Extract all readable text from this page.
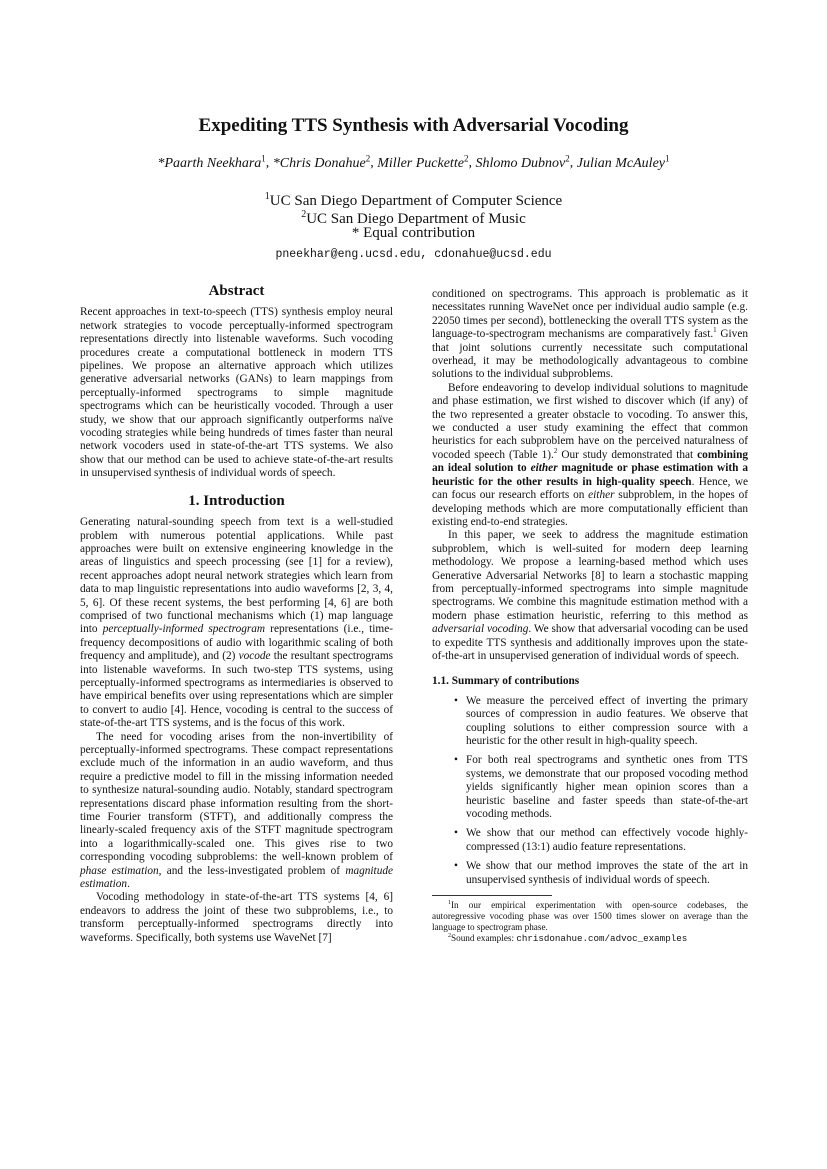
Expediting TTS Synthesis with Adversarial Vocoding
*Paarth Neekhara$^1$, *Chris Donahue$^2$, Miller Puckette$^2$, Shlomo Dubnov$^2$, Julian McAuley$^1$
$^1$UC San Diego Department of Computer Science
$^2$UC San Diego Department of Music
* Equal contribution
pneekhar@eng.ucsd.edu, cdonahue@ucsd.edu
Abstract

Recent approaches in text-to-speech (TTS) synthesis employ neural network strategies to vocode perceptually-informed spectrogram representations directly into listenable waveforms. Such vocoding procedures create a computational bottleneck in modern TTS pipelines. We propose an alternative approach which utilizes generative adversarial networks (GANs) to learn mappings from perceptually-informed spectrograms to simple magnitude spectrograms which can be heuristically vocoded. Through a user study, we show that our approach significantly outperforms naïve vocoding strategies while being hundreds of times faster than neural network vocoders used in state-of-the-art TTS systems. We also show that our method can be used to achieve state-of-the-art results in unsupervised synthesis of individual words of speech.

1. Introduction

Generating natural-sounding speech from text is a well-studied problem with numerous potential applications. While past approaches were built on extensive engineering knowledge in the areas of linguistics and speech processing (see [1] for a review), recent approaches adopt neural network strategies which learn from data to map linguistic representations into audio waveforms [2, 3, 4, 5, 6]. Of these recent systems, the best performing [4, 6] are both comprised of two functional mechanisms which (1) map language into perceptually-informed spectrogram representations (i.e., time-frequency decompositions of audio with logarithmic scaling of both frequency and amplitude), and (2) vocode the resultant spectrograms into listenable waveforms. In such two-step TTS systems, using perceptually-informed spectrograms as intermediaries is observed to have empirical benefits over using representations which are simpler to convert to audio [4]. Hence, vocoding is central to the success of state-of-the-art TTS systems, and is the focus of this work.

The need for vocoding arises from the non-invertibility of perceptually-informed spectrograms. These compact representations exclude much of the information in an audio waveform, and thus require a predictive model to fill in the missing information needed to synthesize natural-sounding audio. Notably, standard spectrogram representations discard phase information resulting from the short-time Fourier transform (STFT), and additionally compress the linearly-scaled frequency axis of the STFT magnitude spectrogram into a logarithmically-scaled one. This gives rise to two corresponding vocoding subproblems: the well-known problem of phase estimation, and the less-investigated problem of magnitude estimation.

Vocoding methodology in state-of-the-art TTS systems [4, 6] endeavors to address the joint of these two subproblems, i.e., to transform perceptually-informed spectrograms directly into waveforms. Specifically, both systems use WaveNet [7]

conditioned on spectrograms. This approach is problematic as it necessitates running WaveNet once per individual audio sample (e.g. 22050 times per second), bottlenecking the overall TTS system as the language-to-spectrogram mechanisms are comparatively fast.$^1$ Given that joint solutions currently necessitate such computational overhead, it may be methodologically advantageous to combine solutions to the individual subproblems.

Before endeavoring to develop individual solutions to magnitude and phase estimation, we first wished to discover which (if any) of the two represented a greater obstacle to vocoding. To answer this, we conducted a user study examining the effect that common heuristics for each subproblem have on the perceived naturalness of vocoded speech (Table 1).$^2$ Our study demonstrated that combining an ideal solution to either magnitude or phase estimation with a heuristic for the other results in high-quality speech. Hence, we can focus our research efforts on either subproblem, in the hopes of developing methods which are more computationally efficient than existing end-to-end strategies.

In this paper, we seek to address the magnitude estimation subproblem, which is well-suited for modern deep learning methodology. We propose a learning-based method which uses Generative Adversarial Networks [8] to learn a stochastic mapping from perceptually-informed spectrograms into simple magnitude spectrograms. We combine this magnitude estimation method with a modern phase estimation heuristic, referring to this method as adversarial vocoding. We show that adversarial vocoding can be used to expedite TTS synthesis and additionally improves upon the state-of-the-art in unsupervised generation of individual words of speech.

1.1. Summary of contributions
• We measure the perceived effect of inverting the primary sources of compression in audio features. We observe that coupling solutions to either compression source with a heuristic for the other result in high-quality speech.
• For both real spectrograms and synthetic ones from TTS systems, we demonstrate that our proposed vocoding method yields significantly higher mean opinion scores than a heuristic baseline and faster speeds than state-of-the-art vocoding methods.
• We show that our method can effectively vocode highly-compressed (13:1) audio feature representations.
• We show that our method improves the state of the art in unsupervised synthesis of individual words of speech.

$^1$In our empirical experimentation with open-source codebases, the autoregressive vocoding phase was over 1500 times slower on average than the language to spectrogram phase.

$^2$Sound examples: chrisdonahue.com/advoc_examples
